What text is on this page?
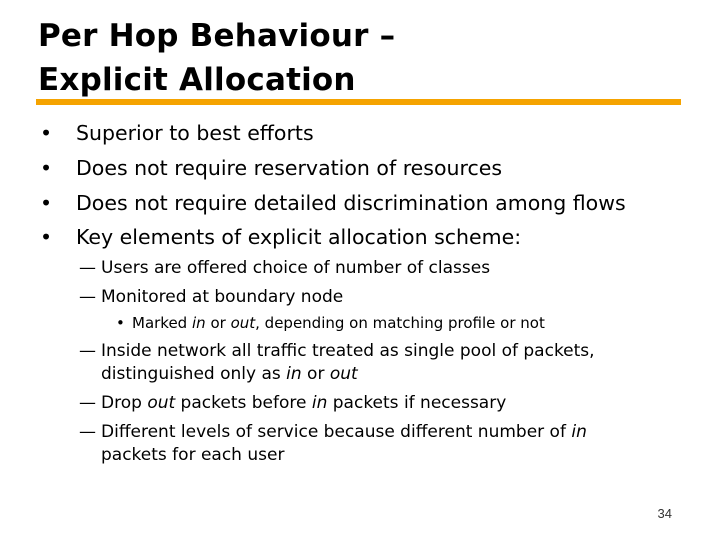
Per Hop Behaviour –
Explicit Allocation
•	Superior to best efforts
•	Does not require reservation of resources
•	Does not require detailed discrimination among flows
•	Key elements of explicit allocation scheme:
— Users are offered choice of number of classes
— Monitored at boundary node
• Marked in or out, depending on matching profile or not
— Inside network all traffic treated as single pool of packets,
distinguished only as in or out
— Drop out packets before in packets if necessary
— Different levels of service because different number of in
packets for each user
34
